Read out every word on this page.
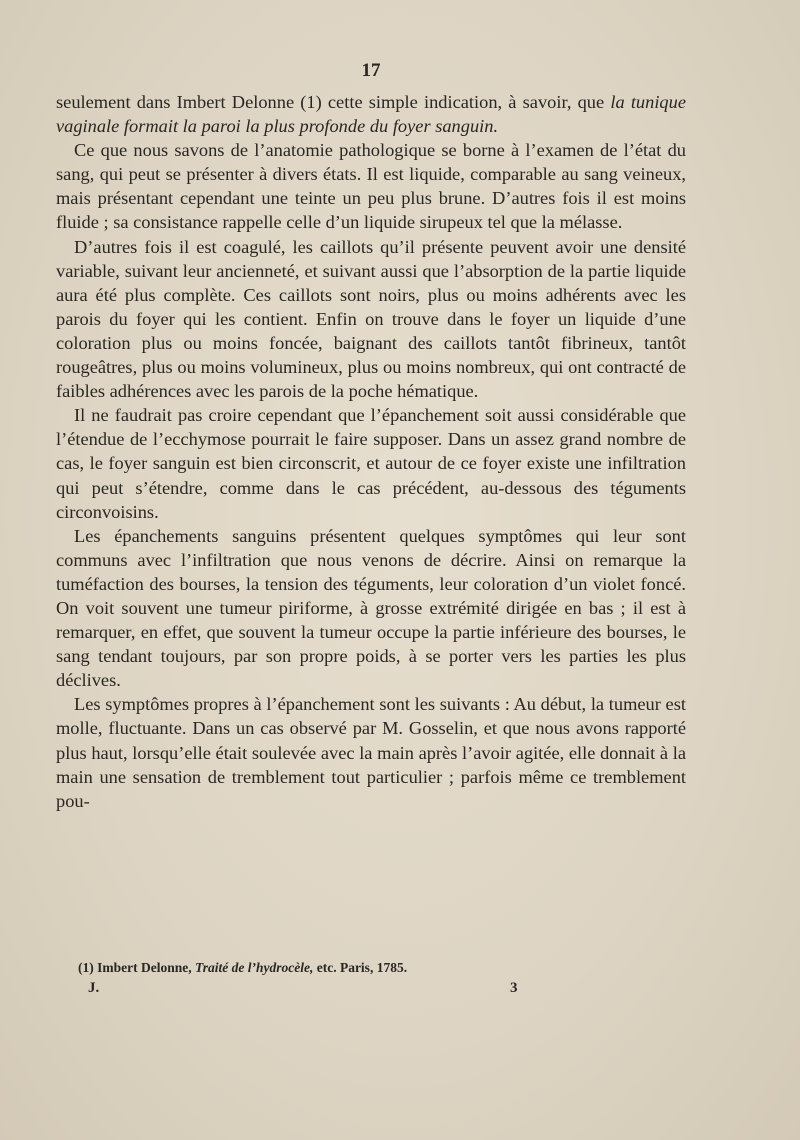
17

seulement dans Imbert Delonne (1) cette simple indication, à savoir, que la tunique vaginale formait la paroi la plus profonde du foyer sanguin.

Ce que nous savons de l’anatomie pathologique se borne à l’examen de l’état du sang, qui peut se présenter à divers états. Il est liquide, comparable au sang veineux, mais présentant cependant une teinte un peu plus brune. D’autres fois il est moins fluide ; sa consistance rappelle celle d’un liquide sirupeux tel que la mélasse.

D’autres fois il est coagulé, les caillots qu’il présente peuvent avoir une densité variable, suivant leur ancienneté, et suivant aussi que l’absorption de la partie liquide aura été plus complète. Ces caillots sont noirs, plus ou moins adhérents avec les parois du foyer qui les contient. Enfin on trouve dans le foyer un liquide d’une coloration plus ou moins foncée, baignant des caillots tantôt fibrineux, tantôt rougeâtres, plus ou moins volumineux, plus ou moins nombreux, qui ont contracté de faibles adhérences avec les parois de la poche hématique.

Il ne faudrait pas croire cependant que l’épanchement soit aussi considérable que l’étendue de l’ecchymose pourrait le faire supposer. Dans un assez grand nombre de cas, le foyer sanguin est bien circonscrit, et autour de ce foyer existe une infiltration qui peut s’étendre, comme dans le cas précédent, au-dessous des téguments circonvoisins.

Les épanchements sanguins présentent quelques symptômes qui leur sont communs avec l’infiltration que nous venons de décrire. Ainsi on remarque la tuméfaction des bourses, la tension des téguments, leur coloration d’un violet foncé. On voit souvent une tumeur piriforme, à grosse extrémité dirigée en bas ; il est à remarquer, en effet, que souvent la tumeur occupe la partie inférieure des bourses, le sang tendant toujours, par son propre poids, à se porter vers les parties les plus déclives.

Les symptômes propres à l’épanchement sont les suivants : Au début, la tumeur est molle, fluctuante. Dans un cas observé par M. Gosselin, et que nous avons rapporté plus haut, lorsqu’elle était soulevée avec la main après l’avoir agitée, elle donnait à la main une sensation de tremblement tout particulier ; parfois même ce tremblement pou-

(1) Imbert Delonne, Traité de l’hydrocèle, etc. Paris, 1785.
J.	3
